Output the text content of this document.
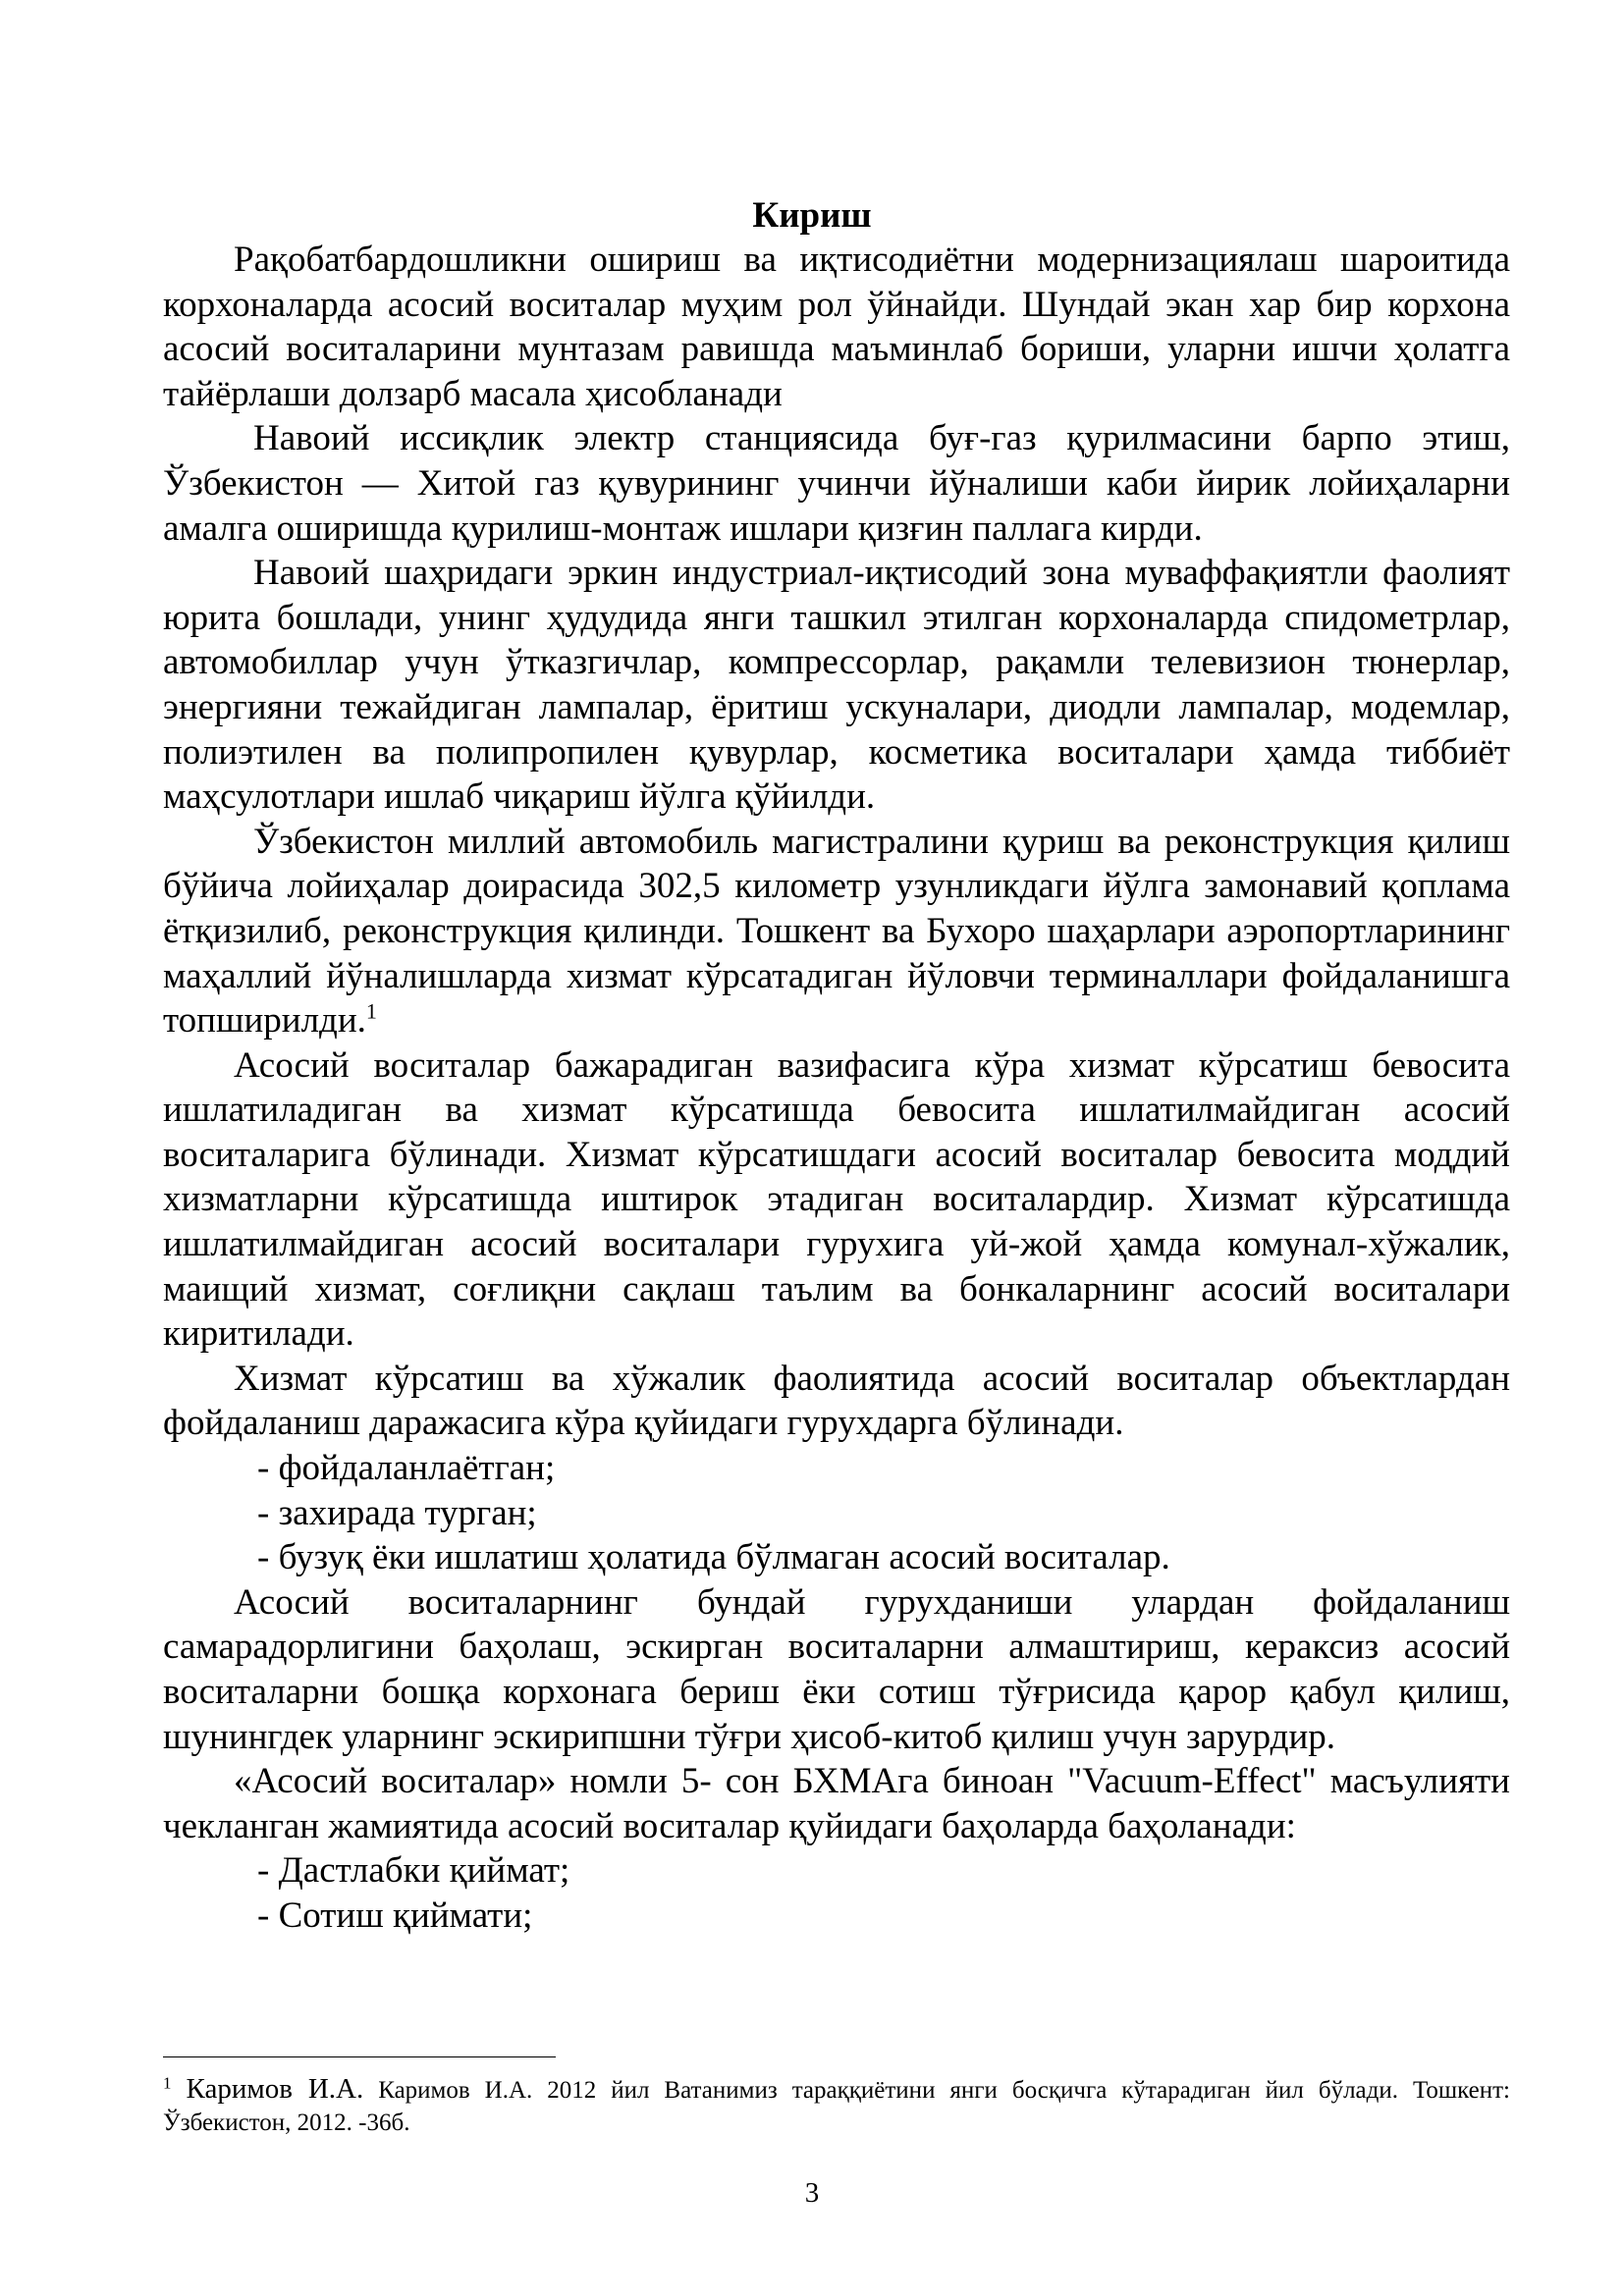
Кириш

Рақобатбардошликни ошириш ва иқтисодиётни модернизациялаш шароитида корхоналарда асосий воситалар муҳим рол ўйнайди. Шундай экан хар бир корхона асосий воситаларини мунтазам равишда маъминлаб бориши, уларни ишчи ҳолатга тайёрлаши долзарб масала ҳисобланади

Навоий иссиқлик электр станциясида буғ-газ қурилмасини барпо этиш, Ўзбекистон — Хитой газ қувурининг учинчи йўналиши каби йирик лойиҳаларни амалга оширишда қурилиш-монтаж ишлари қизғин паллага кирди.

Навоий шаҳридаги эркин индустриал-иқтисодий зона муваффақиятли фаолият юрита бошлади, унинг ҳудудида янги ташкил этилган корхоналарда спидометрлар, автомобиллар учун ўтказгичлар, компрессорлар, рақамли телевизион тюнерлар, энергияни тежайдиган лампалар, ёритиш ускуналари, диодли лампалар, модемлар, полиэтилен ва полипропилен қувурлар, косметика воситалари ҳамда тиббиёт маҳсулотлари ишлаб чиқариш йўлга қўйилди.

Ўзбекистон миллий автомобиль магистралини қуриш ва реконструкция қилиш бўйича лойиҳалар доирасида 302,5 километр узунликдаги йўлга замонавий қоплама ётқизилиб, реконструкция қилинди. Тошкент ва Бухоро шаҳарлари аэропортларининг маҳаллий йўналишларда хизмат кўрсатадиган йўловчи терминаллари фойдаланишга топширилди.$^1$

Асосий воситалар бажарадиган вазифасига кўра хизмат кўрсатиш бевосита ишлатиладиган ва хизмат кўрсатишда бевосита ишлатилмайдиган асосий воситаларига бўлинади. Хизмат кўрсатишдаги асосий воситалар бевосита моддий хизматларни кўрсатишда иштирок этадиган воситалардир. Хизмат кўрсатишда ишлатилмайдиган асосий воситалари гурухига уй-жой ҳамда комунал-хўжалик, маищий хизмат, соғлиқни сақлаш таълим ва бонкаларнинг асосий воситалари киритилади.

Хизмат кўрсатиш ва хўжалик фаолиятида асосий воситалар объектлардан фойдаланиш даражасига кўра қуйидаги гурухдарга бўлинади.

- фойдаланлаётган;

- захирада турган;

- бузуқ ёки ишлатиш ҳолатида бўлмаган асосий воситалар.

Асосий воситаларнинг бундай гурухданиши улардан фойдаланиш самарадорлигини баҳолаш, эскирган воситаларни алмаштириш, кераксиз асосий воситаларни бошқа корхонага бериш ёки сотиш тўғрисида қарор қабул қилиш, шунингдек уларнинг эскирипшни тўғри ҳисоб-китоб қилиш учун зарурдир.

«Асосий воситалар» номли 5- сон БХМАга биноан "Vacuum-Effect" масъулияти чекланган жамиятида асосий воситалар қуйидаги баҳоларда баҳоланади:

- Дастлабки қиймат;

- Сотиш қиймати;

$^1$ Каримов И.А. Каримов И.А. 2012 йил Ватанимиз тараққиётини янги босқичга кўтарадиган йил бўлади. Тошкент: Ўзбекистон, 2012. -36б.
3
